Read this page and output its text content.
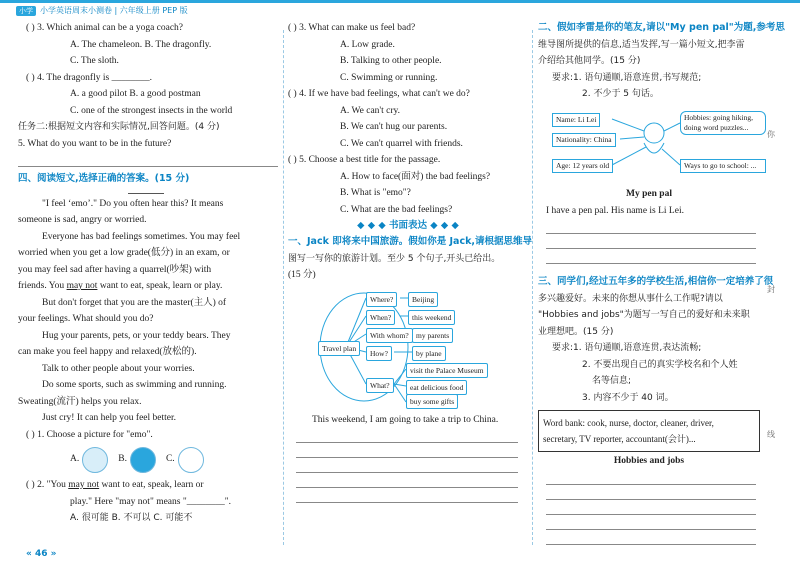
小学 小学英语周末小测卷 | 六年级上册 PEP 版
( ) 3. Which animal can be a yoga coach?
A. The chameleon. B. The dragonfly.
C. The sloth.
( ) 4. The dragonfly is ________.
A. a good pilot B. a good postman
C. one of the strongest insects in the world
任务二:根据短文内容和实际情况,回答问题。(4 分)
5. What do you want to be in the future?
四、阅读短文,选择正确的答案。(15 分)
"I feel ‘emo’." Do you often hear this? It means
someone is sad, angry or worried.
Everyone has bad feelings sometimes. You may feel
worried when you get a low grade(低分) in an exam, or
you may feel sad after having a quarrel(吵架) with
friends. You may not want to eat, speak, learn or play.
But don't forget that you are the master(主人) of
your feelings. What should you do?
Hug your parents, pets, or your teddy bears. They
can make you feel happy and relaxed(放松的).
Talk to other people about your worries.
Do some sports, such as swimming and running.
Sweating(流汗) helps you relax.
Just cry! It can help you feel better.
( ) 1. Choose a picture for "emo".
A.	B.	C.
( ) 2. "You may not want to eat, speak, learn or
play." Here "may not" means "________".
A. 很可能 B. 不可以 C. 可能不
( ) 3. What can make us feel bad?
A. Low grade.
B. Talking to other people.
C. Swimming or running.
( ) 4. If we have bad feelings, what can't we do?
A. We can't cry.
B. We can't hug our parents.
C. We can't quarrel with friends.
( ) 5. Choose a best title for the passage.
A. How to face(面对) the bad feelings?
B. What is "emo"?
C. What are the bad feelings?
◆ ◆ ◆ 书面表达 ◆ ◆ ◆
一、Jack 即将来中国旅游。假如你是 Jack,请根据思维导
图写一写你的旅游计划。至少 5 个句子,开头已给出。
(15 分)
Travel plan
Where?	Beijing
When?	this weekend
With whom? my parents
How?	by plane
What?
visit the Palace Museum
eat delicious food
buy some gifts
This weekend, I am going to take a trip to China.
二、假如李雷是你的笔友,请以"My pen pal"为题,参考思
维导图所提供的信息,适当发挥,写一篇小短文,把李雷
介绍给其他同学。(15 分)
要求:1. 语句通顺,语意连贯,书写规范;
2. 不少于 5 句话。
Name: Li Lei
Nationality: China
Age: 12 years old
Hobbies: going hiking, doing word puzzles...
Ways to go to school: ...
My pen pal
I have a pen pal. His name is Li Lei.
三、同学们,经过五年多的学校生活,相信你一定培养了很
多兴趣爱好。未来的你想从事什么工作呢?请以
"Hobbies and jobs"为题写一写自己的爱好和未来职
业理想吧。(15 分)
要求:1. 语句通顺,语意连贯,表达流畅;
2. 不要出现自己的真实学校名和个人姓
名等信息;
3. 内容不少于 40 词。
Word bank: cook, nurse, doctor, cleaner, driver,
secretary, TV reporter, accountant(会计)...
Hobbies and jobs
你
封
线
« 46 »
